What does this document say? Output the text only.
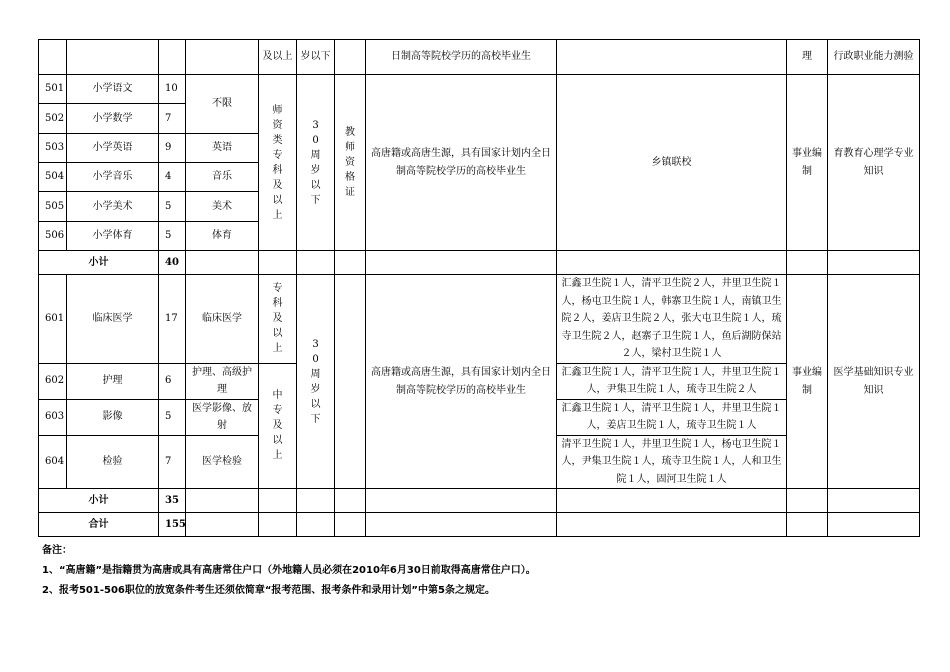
				及以上	岁以下		日制高等院校学历的高校毕业生		理	行政职业能力测验
501	小学语文	10	不限	师资类专科及以上	30周岁以下	教师资格证	高唐籍或高唐生源，具有国家计划内全日制高等院校学历的高校毕业生	乡镇联校	事业编制	育教育心理学专业知识
502	小学数学	7								
503	小学英语	9	英语							
504	小学音乐	4	音乐							
505	小学美术	5	美术							
506	小学体育	5	体育							
小计		40								
601	临床医学	17	临床医学	专科及以上	30周岁以下		高唐籍或高唐生源，具有国家计划内全日制高等院校学历的高校毕业生	汇鑫卫生院１人，清平卫生院２人，井里卫生院１人，杨屯卫生院１人，韩寨卫生院１人，南镇卫生院２人，姜店卫生院２人，张大屯卫生院１人，琉寺卫生院２人，赵寨子卫生院１人，鱼后湖防保站２人，梁村卫生院１人	事业编制	医学基础知识专业知识
602	护理	6	护理、高级护理	中专及以上				汇鑫卫生院１人，清平卫生院１人，井里卫生院１人，尹集卫生院１人，琉寺卫生院２人		
603	影像	5	医学影像、放射					汇鑫卫生院１人，清平卫生院１人，井里卫生院１人，姜店卫生院１人，琉寺卫生院１人		
604	检验	7	医学检验					清平卫生院１人，井里卫生院１人，杨屯卫生院１人，尹集卫生院１人，琉寺卫生院１人，人和卫生院１人，固河卫生院１人		
小计		35								
合计		155								
备注：
1、“高唐籍”是指籍贯为高唐或具有高唐常住户口（外地籍人员必须在2010年6月30日前取得高唐常住户口）。
2、报考501-506职位的放宽条件考生还须依简章“报考范围、报考条件和录用计划”中第5条之规定。
